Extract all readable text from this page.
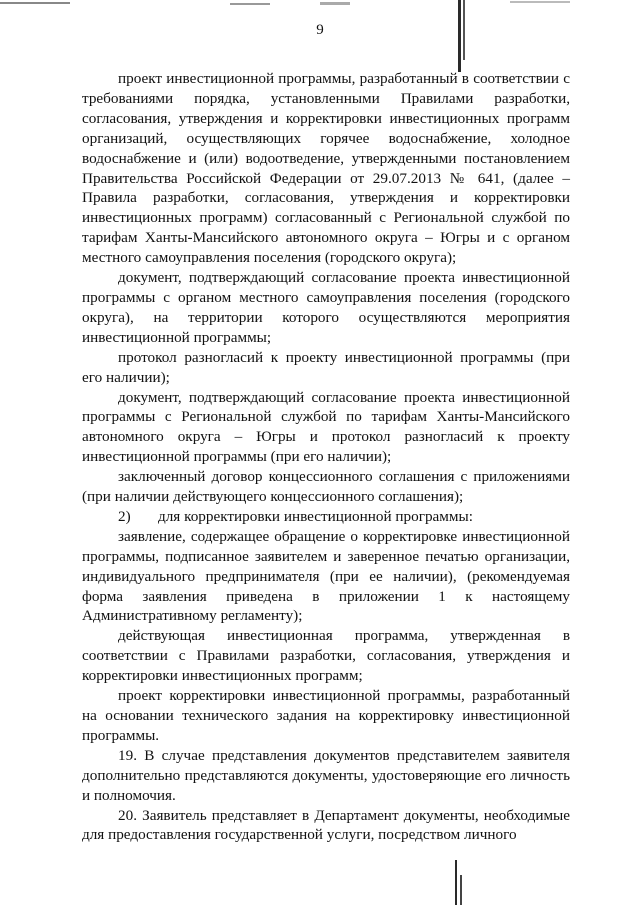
9

проект инвестиционной программы, разработанный в соответствии с требованиями порядка, установленными Правилами разработки, согласования, утверждения и корректировки инвестиционных программ организаций, осуществляющих горячее водоснабжение, холодное водоснабжение и (или) водоотведение, утвержденными постановлением Правительства Российской Федерации от 29.07.2013 № 641, (далее – Правила разработки, согласования, утверждения и корректировки инвестиционных программ) согласованный с Региональной службой по тарифам Ханты-Мансийского автономного округа – Югры и с органом местного самоуправления поселения (городского округа);

документ, подтверждающий согласование проекта инвестиционной программы с органом местного самоуправления поселения (городского округа), на территории которого осуществляются мероприятия инвестиционной программы;

протокол разногласий к проекту инвестиционной программы (при его наличии);

документ, подтверждающий согласование проекта инвестиционной программы с Региональной службой по тарифам Ханты-Мансийского автономного округа – Югры и протокол разногласий к проекту инвестиционной программы (при его наличии);

заключенный договор концессионного соглашения с приложениями (при наличии действующего концессионного соглашения);

2) для корректировки инвестиционной программы:

заявление, содержащее обращение о корректировке инвестиционной программы, подписанное заявителем и заверенное печатью организации, индивидуального предпринимателя (при ее наличии), (рекомендуемая форма заявления приведена в приложении 1 к настоящему Административному регламенту);

действующая инвестиционная программа, утвержденная в соответствии с Правилами разработки, согласования, утверждения и корректировки инвестиционных программ;

проект корректировки инвестиционной программы, разработанный на основании технического задания на корректировку инвестиционной программы.

19. В случае представления документов представителем заявителя дополнительно представляются документы, удостоверяющие его личность и полномочия.

20. Заявитель представляет в Департамент документы, необходимые для предоставления государственной услуги, посредством личного
